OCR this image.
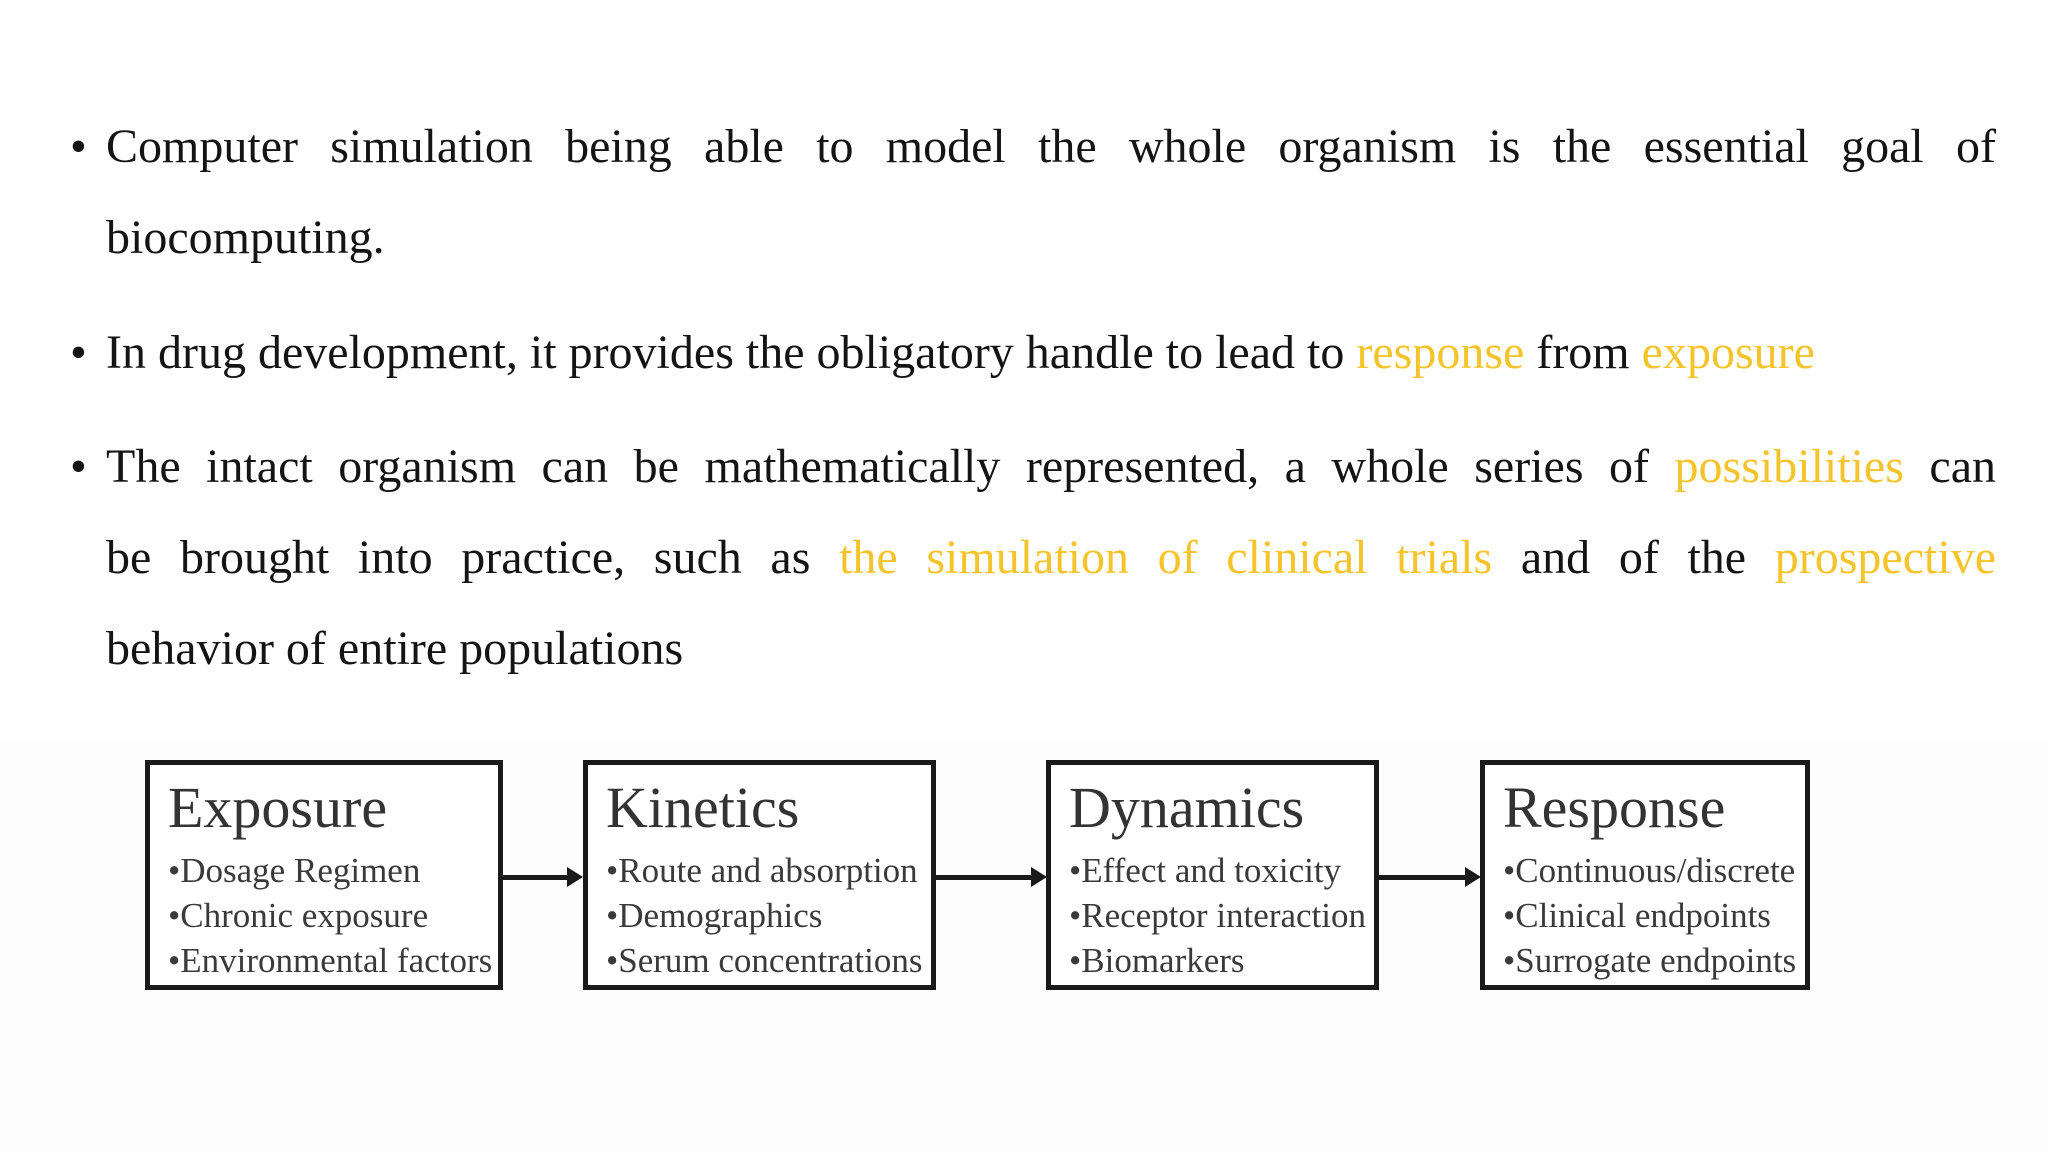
• Computer simulation being able to model the whole organism is the essential goal of
biocomputing.
• In drug development, it provides the obligatory handle to lead to response from exposure
• The intact organism can be mathematically represented, a whole series of possibilities can
be brought into practice, such as the simulation of clinical trials and of the prospective
behavior of entire populations
Exposure
•Dosage Regimen
•Chronic exposure
•Environmental factors
Kinetics
•Route and absorption
•Demographics
•Serum concentrations
Dynamics
•Effect and toxicity
•Receptor interaction
•Biomarkers
Response
•Continuous/discrete
•Clinical endpoints
•Surrogate endpoints
